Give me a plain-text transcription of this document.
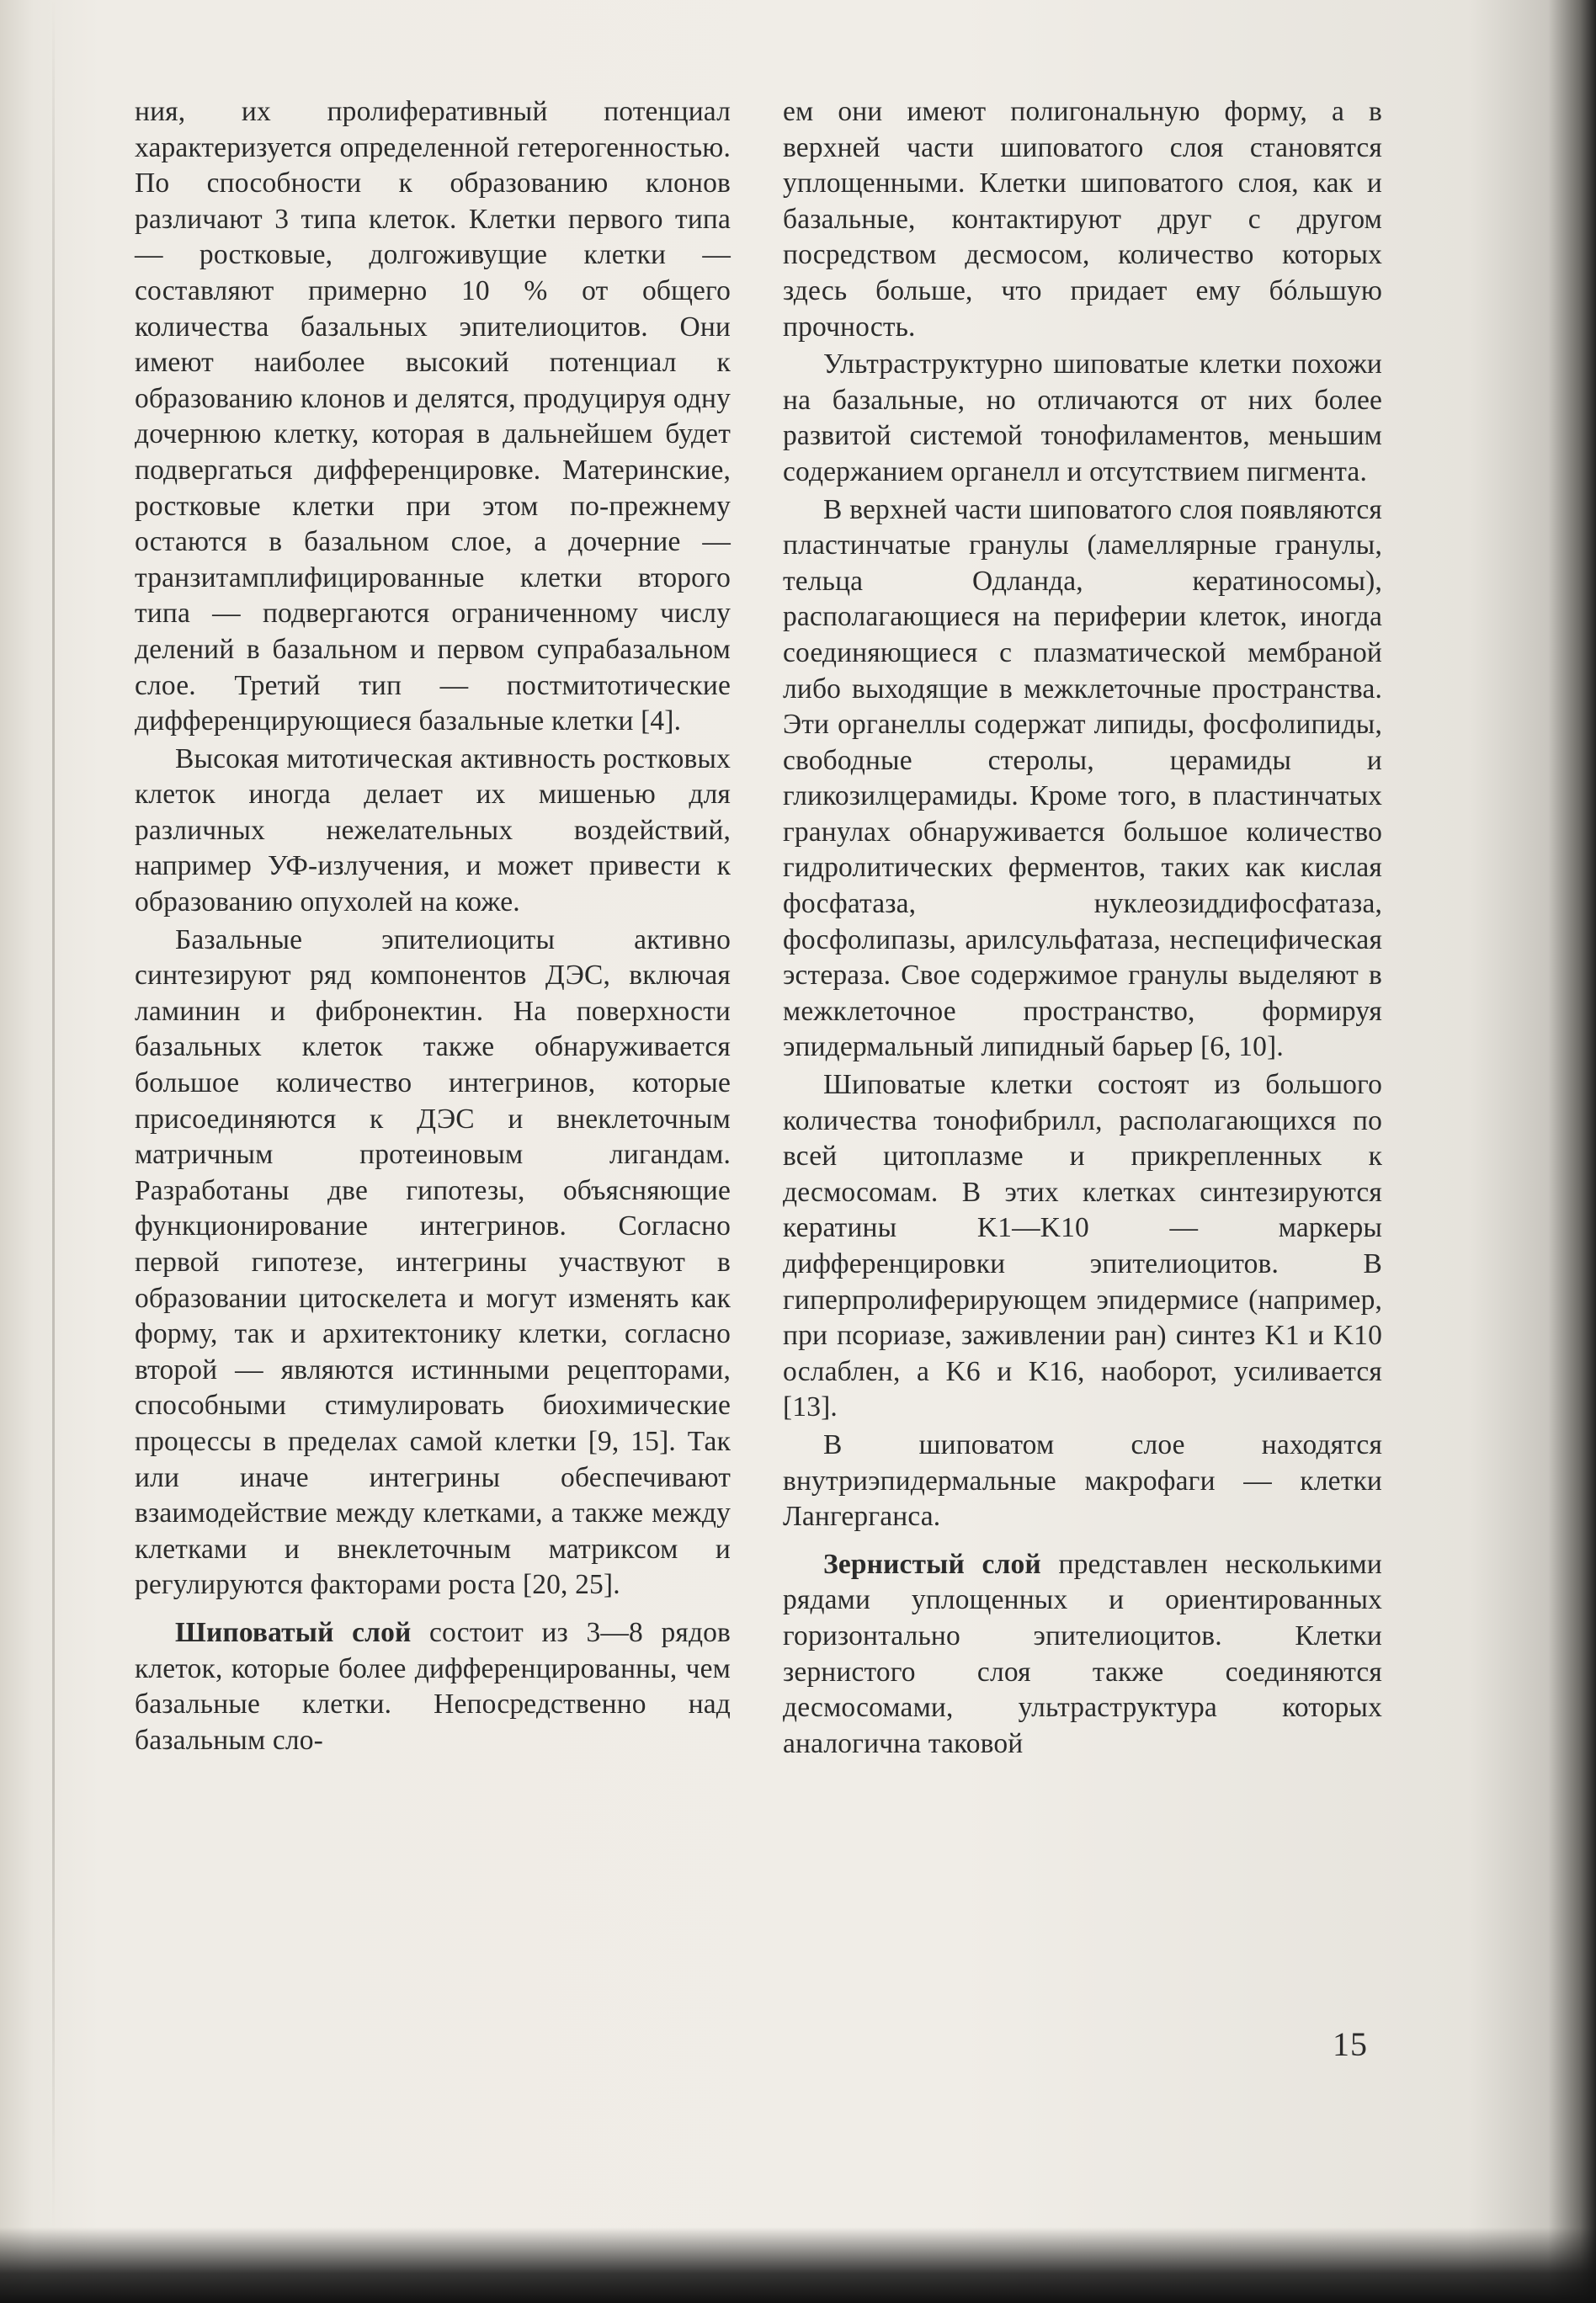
ния, их пролиферативный потенциал характеризуется определенной гетерогенностью. По способности к образованию клонов различают 3 типа клеток. Клетки первого типа — ростковые, долгоживущие клетки — составляют примерно 10 % от общего количества базальных эпителиоцитов. Они имеют наиболее высокий потенциал к образованию клонов и делятся, продуцируя одну дочернюю клетку, которая в дальнейшем будет подвергаться дифференцировке. Материнские, ростковые клетки при этом по-прежнему остаются в базальном слое, а дочерние — транзитамплифицированные клетки второго типа — подвергаются ограниченному числу делений в базальном и первом супрабазальном слое. Третий тип — постмитотические дифференцирующиеся базальные клетки [4].

Высокая митотическая активность ростковых клеток иногда делает их мишенью для различных нежелательных воздействий, например УФ-излучения, и может привести к образованию опухолей на коже.

Базальные эпителиоциты активно синтезируют ряд компонентов ДЭС, включая ламинин и фибронектин. На поверхности базальных клеток также обнаруживается большое количество интегринов, которые присоединяются к ДЭС и внеклеточным матричным протеиновым лигандам. Разработаны две гипотезы, объясняющие функционирование интегринов. Согласно первой гипотезе, интегрины участвуют в образовании цитоскелета и могут изменять как форму, так и архитектонику клетки, согласно второй — являются истинными рецепторами, способными стимулировать биохимические процессы в пределах самой клетки [9, 15]. Так или иначе интегрины обеспечивают взаимодействие между клетками, а также между клетками и внеклеточным матриксом и регулируются факторами роста [20, 25].

Шиповатый слой состоит из 3—8 рядов клеток, которые более дифференцированны, чем базальные клетки. Непосредственно над базальным сло-

ем они имеют полигональную форму, а в верхней части шиповатого слоя становятся уплощенными. Клетки шиповатого слоя, как и базальные, контактируют друг с другом посредством десмосом, количество которых здесь больше, что придает ему бóльшую прочность.

Ультраструктурно шиповатые клетки похожи на базальные, но отличаются от них более развитой системой тонофиламентов, меньшим содержанием органелл и отсутствием пигмента.

В верхней части шиповатого слоя появляются пластинчатые гранулы (ламеллярные гранулы, тельца Одланда, кератиносомы), располагающиеся на периферии клеток, иногда соединяющиеся с плазматической мембраной либо выходящие в межклеточные пространства. Эти органеллы содержат липиды, фосфолипиды, свободные стеролы, церамиды и гликозилцерамиды. Кроме того, в пластинчатых гранулах обнаруживается большое количество гидролитических ферментов, таких как кислая фосфатаза, нуклеозиддифосфатаза, фосфолипазы, арилсульфатаза, неспецифическая эстераза. Свое содержимое гранулы выделяют в межклеточное пространство, формируя эпидермальный липидный барьер [6, 10].

Шиповатые клетки состоят из большого количества тонофибрилл, располагающихся по всей цитоплазме и прикрепленных к десмосомам. В этих клетках синтезируются кератины K1—K10 — маркеры дифференцировки эпителиоцитов. В гиперпролиферирующем эпидермисе (например, при псориазе, заживлении ран) синтез K1 и K10 ослаблен, а K6 и K16, наоборот, усиливается [13].

В шиповатом слое находятся внутриэпидермальные макрофаги — клетки Лангерганса.

Зернистый слой представлен несколькими рядами уплощенных и ориентированных горизонтально эпителиоцитов. Клетки зернистого слоя также соединяются десмосомами, ультраструктура которых аналогична таковой

15
